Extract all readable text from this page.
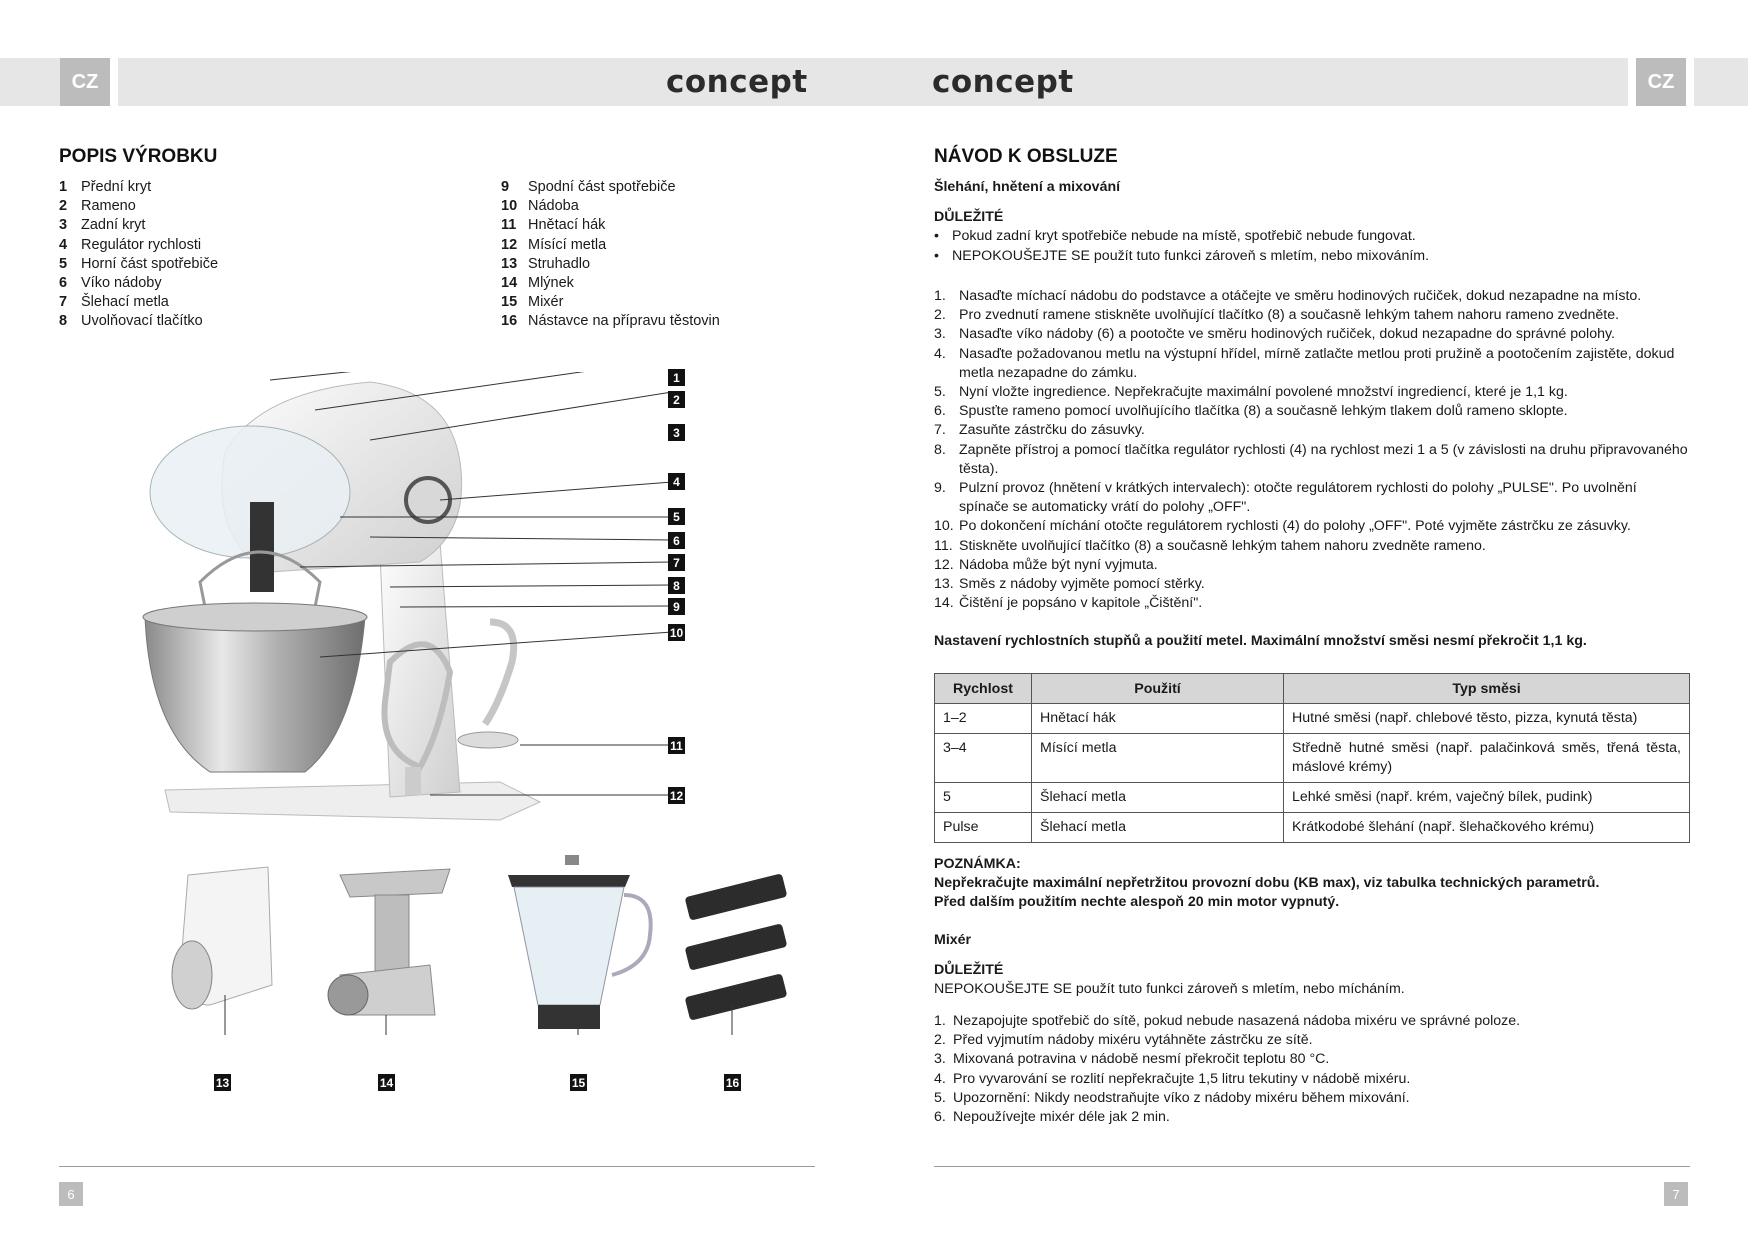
CZ	CZ
concept	concept
POPIS VÝROBKU
1 Přední kryt
2 Rameno
3 Zadní kryt
4 Regulátor rychlosti
5 Horní část spotřebiče
6 Víko nádoby
7 Šlehací metla
8 Uvolňovací tlačítko
9	Spodní část spotřebiče
10 Nádoba
11 Hnětací hák
12 Mísící metla
13 Struhadlo
14 Mlýnek
15 Mixér
16 Nástavce na přípravu těstovin
1
2
3
4
5
6
7
8
9
10
11
12
13	14	15	16
6
NÁVOD K OBSLUZE
Šlehání, hnětení a mixování
DŮLEŽITÉ
• Pokud zadní kryt spotřebiče nebude na místě, spotřebič nebude fungovat.
• NEPOKOUŠEJTE SE použít tuto funkci zároveň s mletím, nebo mixováním.
1. Nasaďte míchací nádobu do podstavce a otáčejte ve směru hodinových ručiček, dokud nezapadne na místo.
2. Pro zvednutí ramene stiskněte uvolňující tlačítko (8) a současně lehkým tahem nahoru rameno zvedněte.
3. Nasaďte víko nádoby (6) a pootočte ve směru hodinových ručiček, dokud nezapadne do správné polohy.
4. Nasaďte požadovanou metlu na výstupní hřídel, mírně zatlačte metlou proti pružině a pootočením zajistěte, dokud metla nezapadne do zámku.
5. Nyní vložte ingredience. Nepřekračujte maximální povolené množství ingrediencí, které je 1,1 kg.
6. Spusťte rameno pomocí uvolňujícího tlačítka (8) a současně lehkým tlakem dolů rameno sklopte.
7. Zasuňte zástrčku do zásuvky.
8. Zapněte přístroj a pomocí tlačítka regulátor rychlosti (4) na rychlost mezi 1 a 5 (v závislosti na druhu připravovaného těsta).
9. Pulzní provoz (hnětení v krátkých intervalech): otočte regulátorem rychlosti do polohy „PULSE". Po uvolnění spínače se automaticky vrátí do polohy „OFF".
10. Po dokončení míchání otočte regulátorem rychlosti (4) do polohy „OFF". Poté vyjměte zástrčku ze zásuvky.
11. Stiskněte uvolňující tlačítko (8) a současně lehkým tahem nahoru zvedněte rameno.
12. Nádoba může být nyní vyjmuta.
13. Směs z nádoby vyjměte pomocí stěrky.
14. Čištění je popsáno v kapitole „Čištění".
Nastavení rychlostních stupňů a použití metel. Maximální množství směsi nesmí překročit 1,1 kg.
Rychlost	Použití	Typ směsi
1–2	Hnětací hák	Hutné směsi (např. chlebové těsto, pizza, kynutá těsta)
3–4	Mísící metla	Středně hutné směsi (např. palačinková směs, třená těsta, máslové krémy)
5	Šlehací metla	Lehké směsi (např. krém, vaječný bílek, pudink)
Pulse	Šlehací metla	Krátkodobé šlehání (např. šlehačkového krému)
POZNÁMKA:
Nepřekračujte maximální nepřetržitou provozní dobu (KB max), viz tabulka technických parametrů.
Před dalším použitím nechte alespoň 20 min motor vypnutý.
Mixér
DŮLEŽITÉ
NEPOKOUŠEJTE SE použít tuto funkci zároveň s mletím, nebo mícháním.
1. Nezapojujte spotřebič do sítě, pokud nebude nasazená nádoba mixéru ve správné poloze.
2. Před vyjmutím nádoby mixéru vytáhněte zástrčku ze sítě.
3. Mixovaná potravina v nádobě nesmí překročit teplotu 80 °C.
4. Pro vyvarování se rozlití nepřekračujte 1,5 litru tekutiny v nádobě mixéru.
5. Upozornění: Nikdy neodstraňujte víko z nádoby mixéru během mixování.
6. Nepoužívejte mixér déle jak 2 min.
7
